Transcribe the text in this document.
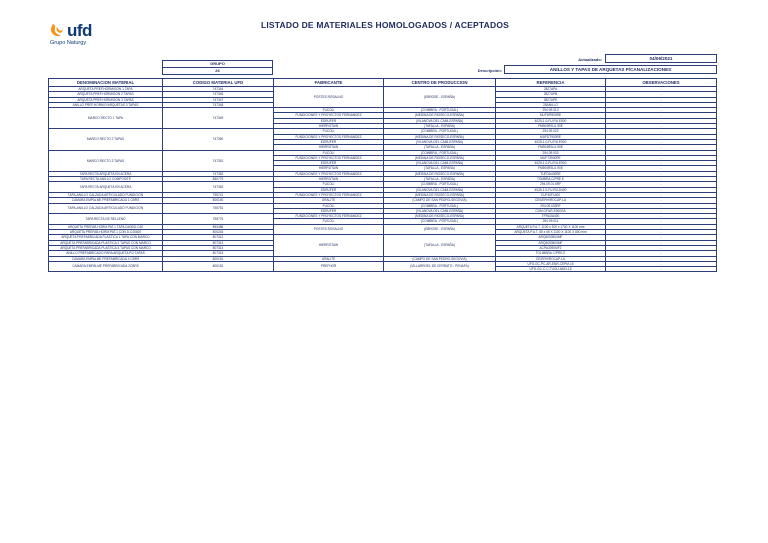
ufd
Grupo Naturgy
LISTADO DE MATERIALES HOMOLOGADOS / ACEPTADOS
Actualizado:	04/06/2021
Descripción:	ANILLOS Y TAPAS DE ARQUETAS P/CANALIZACIONES
GRUPO
26
DENOMINACION MATERIAL	CODIGO MATERIAL UFD	FABRICANTE	CENTRO DE PRODUCCION	REFERENCIA	OBSERVACIONES
ARQUETA PREF.HORMIGON 1 TAPA	747344	POSTES ROSALNO	(EBROSE - ESPAÑA)	2827APA	-
ARQUETA PREF.HORMIGON 2 TAPAS	747345			2827APB	-
ARQUETA PREF.HORMIGON 3 TAPAS	747347			2827APE	-
ANILLO PREF.HORM.P/ARQUETAS 3 TAPAS	747348			28ANILLO	-
MARCO RECTO 1 TAPA	747349	FUCOLI	(COIMBRA - PORTUGAL)	294.09.013	-
		FUNDICIONES Y PROYECTOS FERNANDEZ	(MEDINA DE RIOSECO-ESPAÑA)	MUFDR900RE	-
		EDRUFER	(VILANOVA DEL CAMI-ESPAÑA)	4025-1.0-FU.RU.E900	-
		HIERROTAIN	(TAFALLA - ESPAÑA)	FM904RSUL 90E	-
MARCO RECTO 2 TAPAS	747350	FUCOLI	(COIMBRA - PORTUGAL)	294.09.023	-
		FUNDICIONES Y PROYECTOS FERNANDEZ	(MEDINA DE RIOSECO-ESPAÑA)	MUFDT900RE	-
		EDRUFER	(VILANOVA DEL CAMI-ESPAÑA)	4025-1.0-FU.RU.E900	-
		HIERROTAIN	(TAFALLA - ESPAÑA)	FM904RSUL 90E	-
MARCO RECTO 3 TAPAS	747351	FUCOLI	(COIMBRA - PORTUGAL)	294.09.033	-
		FUNDICIONES Y PROYECTOS FERNANDEZ	(MEDINA DE RIOSECO-ESPAÑA)	MUFT3900RE	-
		EDRUFER	(VILANOVA DEL CAMI-ESPAÑA)	4025-1.0-FU.RU.E900	-
		HIERROTAIN	(TAFALLA - ESPAÑA)	FM904RSUL 90E	-
TAPA RECTA ARQUETA EN ACERA	747352	FUNDICIONES Y PROYECTOS FERNANDEZ	(MEDINA DE RIOSECO-ESPAÑA)	TUFDA400RE	-
TAPA RECTA ANILLO COMPOSITE	850779	HIERROTAIN	(TAFALLA - ESPAÑA)	TOMBRA C/PRE.E	-
TAPA RECTA ARQUETA EN ACERA	747353	FUCOLI	(COIMBRA - PORTUGAL)	294.09.01.6RF	-
		EDRUFER	(VILANOVA DEL CAMI-ESPAÑA)	4025-1.0-FU.RU.D400	-
TAPA-ANILLO CALZADA ARTICULADO FUNDICION	755741	FUNDICIONES Y PROYECTOS FERNANDEZ	(MEDINA DE RIOSECO-ESPAÑA)	CUF40F1400	-
CAMARA EMPALME PREFABRICADA 1 CBRS	800140	URALITE	(CAMPO DE SAN PEDRO-SEGOVIA)	CES/ERH/ROCAP-LA	-
TAPA-ANILLO CALZADA ARTICULADO FUNDICION	755751	FUCOLI	(COIMBRA - PORTUGAL)	294.09.033RF	-
		EDRUFER	(VILANOVA DEL CAMI-ESPAÑA)	CDM.GFUR-E900GA	-
TAPA RECTA DE RELLENO	755776	FUNDICIONES Y PROYECTOS FERNANDEZ	(MEDINA DE RIOSECO-ESPAÑA)	TFRA3A400	-
		FUCOLI	(COIMBRA - PORTUGAL)	294.09.011	-
ARQUETA PREFAB.HORM.PAT.1 TAPA.D400/D.C40	853486	POSTES ROSALNO	(EBROSE - ESPAÑA)	ARQUETA P.A.T. 1100 x 300 x 1700 X 1100 mm	-
ARQUETA PREFAB.HORM.PAT.1 CON D.C40400	800244			ARQUETA P.A.T. 65 x 65 X 1100 X 1100 X 800 mm	-
ARQUETA PREFABRICADA PLASTICA 1 TAPA CON MARCO	807312	HIERROTAIN	(TAFALLA - ESPAÑA)	ARQ5093500MF	-
ARQUETA PREFABRICADA PLASTICA 2 TAPAS CON MARCO	807313			ARQ5093500MF	-
ARQUETA PREFABRICADA PLASTICA 3 TAPAS CON MARCO	807314			ACPA3090MF2	-
ANILLO PREFABRICADO PARA ARQUETA P/2 TAPAS	807315			TOLIMBRA C/PRE.E	-
CAMARA EMPALME PREFABRICADA 4 CBRS	800151	URALITE	(CAMPO DE SAN PEDRO-SEGOVIA)	CE/ERH/ROCAP-LA	-
CAMARA EMPALME PREFABRICADA 2CBRS	800152	PREFHOR	(VILLARROEL DE CERRATO - PENAFA)	UFD-GC-PC-AR-ENR-CEPM-15	-
				UFD-GC-C-C-TUOU-4663-15	-
